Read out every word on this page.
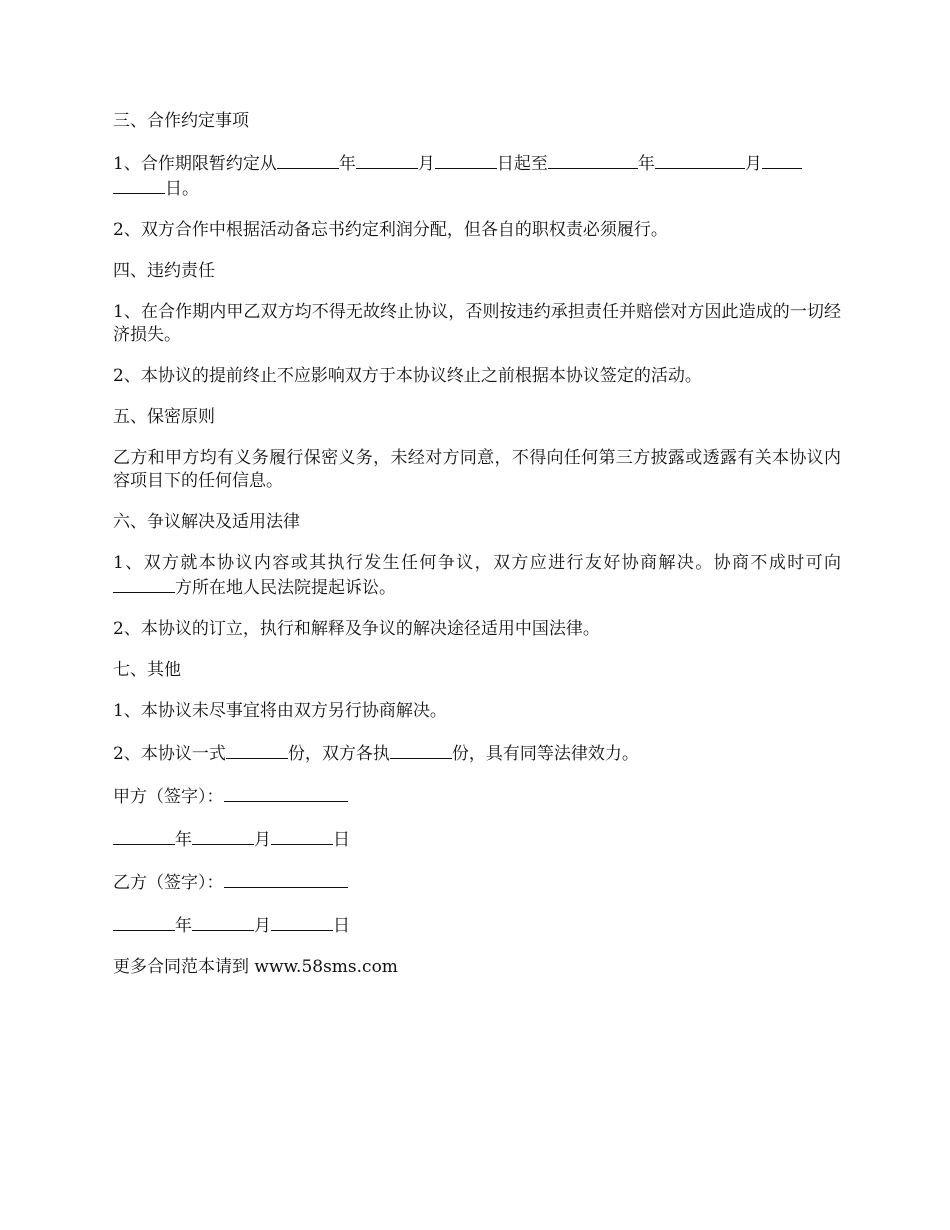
三、合作约定事项
1、合作期限暂约定从	年	月	日起至	年	月
日。
2、双方合作中根据活动备忘书约定利润分配，但各自的职权责必须履行。
四、违约责任
1、在合作期内甲乙双方均不得无故终止协议，否则按违约承担责任并赔偿对方因此造成的一切经济损失。
2、本协议的提前终止不应影响双方于本协议终止之前根据本协议签定的活动。
五、保密原则
乙方和甲方均有义务履行保密义务，未经对方同意，不得向任何第三方披露或透露有关本协议内容项目下的任何信息。
六、争议解决及适用法律
1、双方就本协议内容或其执行发生任何争议，双方应进行友好协商解决。协商不成时可向方所在地人民法院提起诉讼。
2、本协议的订立，执行和解释及争议的解决途径适用中国法律。
七、其他
1、本协议未尽事宜将由双方另行协商解决。
2、本协议一式	份，双方各执	份，具有同等法律效力。
甲方（签字）：
年	月	日
乙方（签字）：
年	月	日
更多合同范本请到 www.58sms.com
